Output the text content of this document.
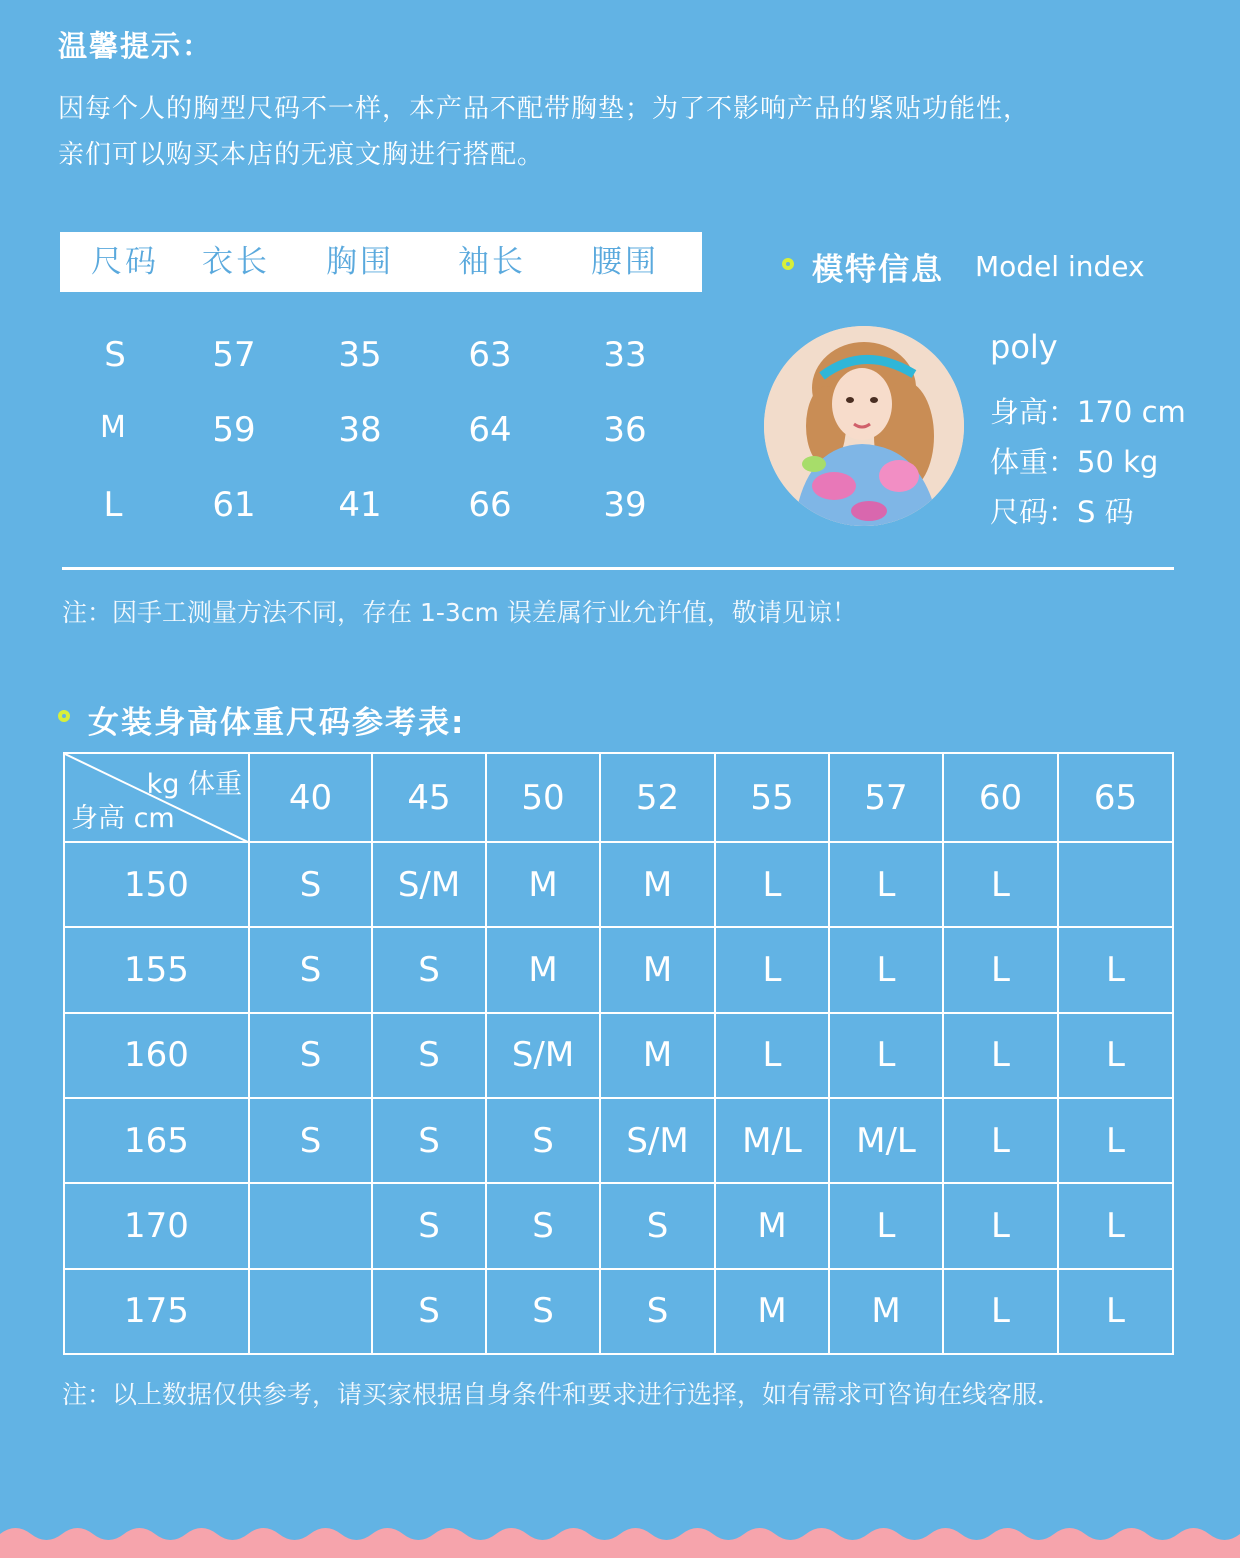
温馨提示：
因每个人的胸型尺码不一样，本产品不配带胸垫；为了不影响产品的紧贴功能性，
亲们可以购买本店的无痕文胸进行搭配。
尺码 衣长 胸围 袖长 腰围
S	57 35	63	33
M	59 38	64	36
L	61 41	66	39
模特信息 Model index
poly
身高：170 cm
体重：50 kg
尺码：S 码
注：因手工测量方法不同，存在 1-3cm 误差属行业允许值，敬请见谅！
女装身高体重尺码参考表:
kg 体重
身高 cm	40	45	50	52	55	57	60	65
150	S	S/M	M	M	L	L	L	
155	S	S	M	M	L	L	L	L
160	S	S	S/M	M	L	L	L	L
165	S	S	S	S/M	M/L	M/L	L	L
170		S	S	S	M	L	L	L
175		S	S	S	M	M	L	L
注：以上数据仅供参考，请买家根据自身条件和要求进行选择，如有需求可咨询在线客服．
